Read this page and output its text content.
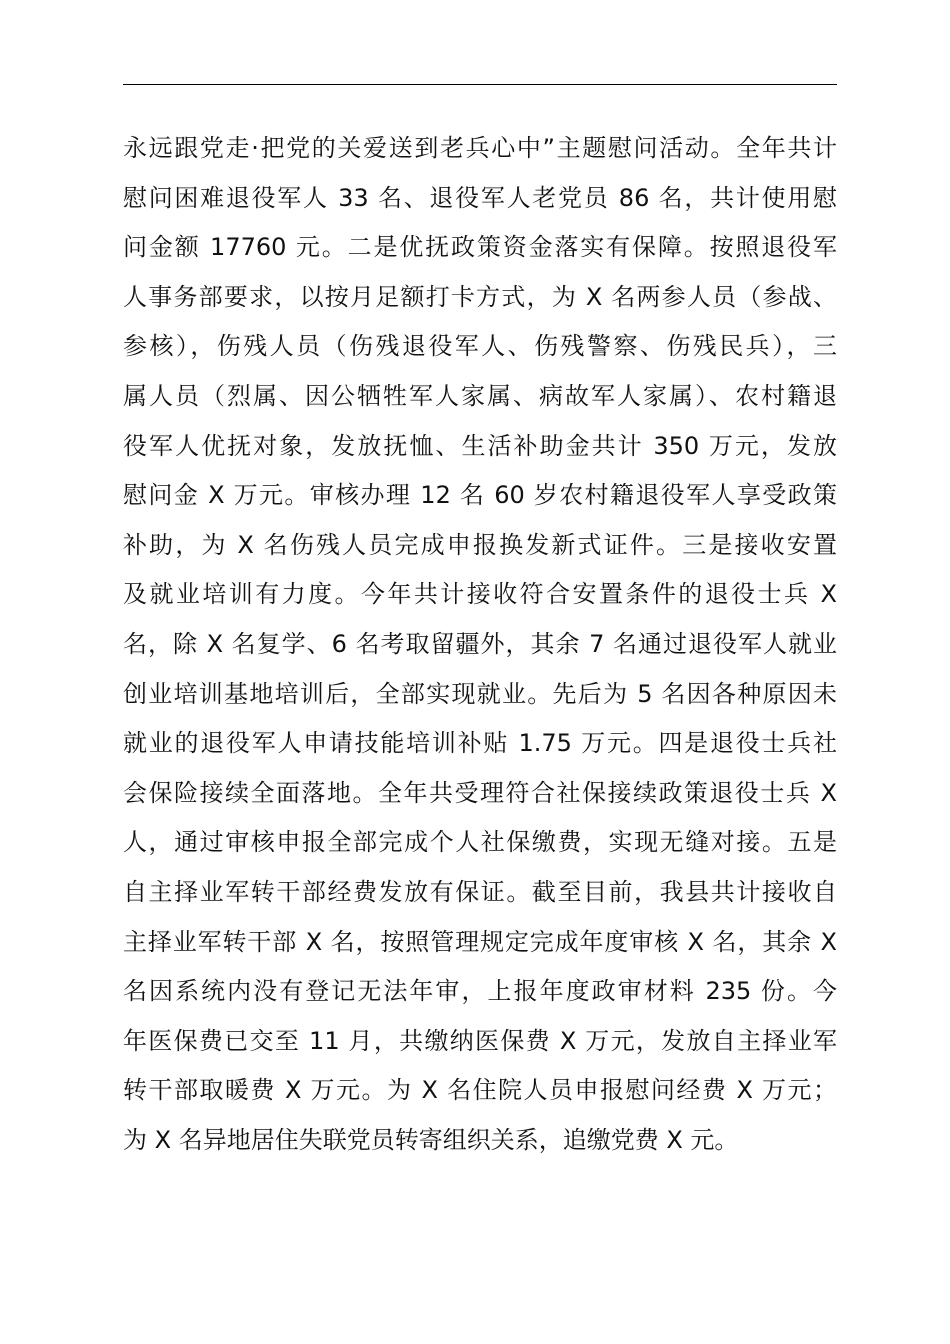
永远跟党走·把党的关爱送到老兵心中”主题慰问活动。全年共计
慰问困难退役军人 33 名、退役军人老党员 86 名，共计使用慰
问金额 17760 元。二是优抚政策资金落实有保障。按照退役军
人事务部要求，以按月足额打卡方式，为 X 名两参人员（参战、
参核），伤残人员（伤残退役军人、伤残警察、伤残民兵），三
属人员（烈属、因公牺牲军人家属、病故军人家属）、农村籍退
役军人优抚对象，发放抚恤、生活补助金共计 350 万元，发放
慰问金 X 万元。审核办理 12 名 60 岁农村籍退役军人享受政策
补助，为 X 名伤残人员完成申报换发新式证件。三是接收安置
及就业培训有力度。今年共计接收符合安置条件的退役士兵 X
名，除 X 名复学、6 名考取留疆外，其余 7 名通过退役军人就业
创业培训基地培训后，全部实现就业。先后为 5 名因各种原因未
就业的退役军人申请技能培训补贴 1.75 万元。四是退役士兵社
会保险接续全面落地。全年共受理符合社保接续政策退役士兵 X
人，通过审核申报全部完成个人社保缴费，实现无缝对接。五是
自主择业军转干部经费发放有保证。截至目前，我县共计接收自
主择业军转干部 X 名，按照管理规定完成年度审核 X 名，其余 X
名因系统内没有登记无法年审，上报年度政审材料 235 份。今
年医保费已交至 11 月，共缴纳医保费 X 万元，发放自主择业军
转干部取暖费 X 万元。为 X 名住院人员申报慰问经费 X 万元；
为 X 名异地居住失联党员转寄组织关系，追缴党费 X 元。
